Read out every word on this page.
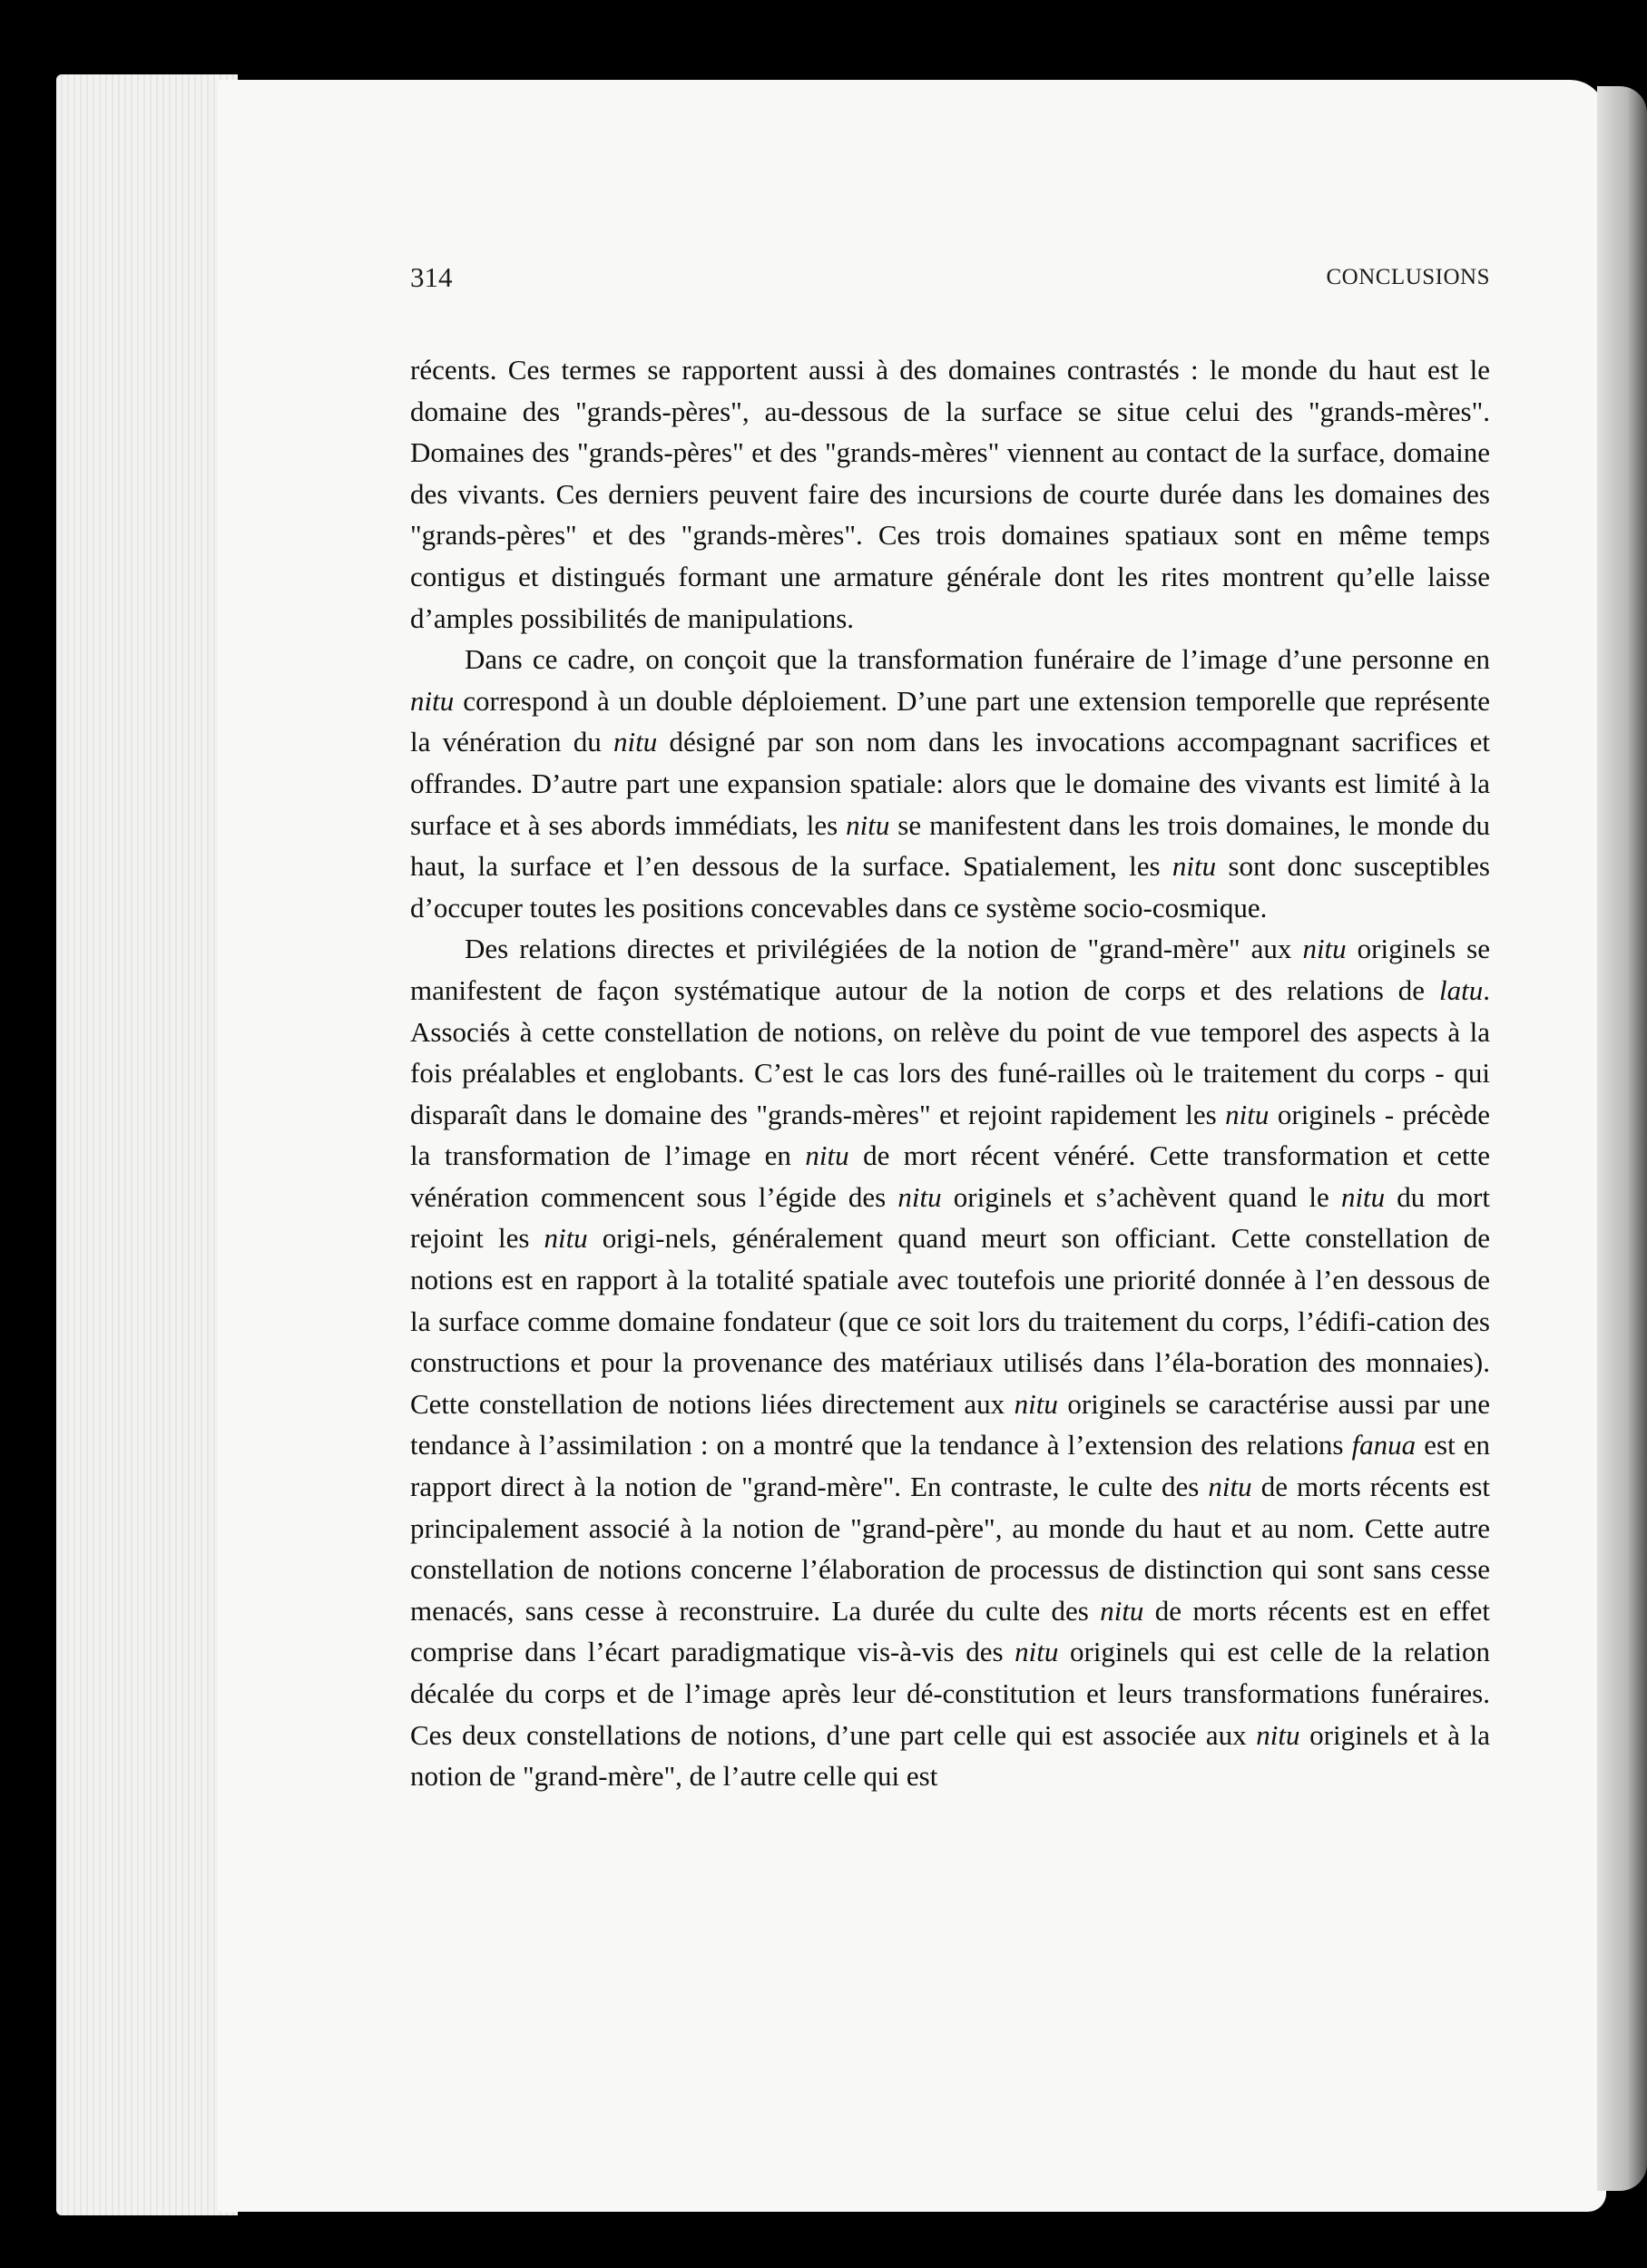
314	CONCLUSIONS

récents. Ces termes se rapportent aussi à des domaines contrastés : le monde du haut est le domaine des "grands-pères", au-dessous de la surface se situe celui des "grands-mères". Domaines des "grands-pères" et des "grands-mères" viennent au contact de la surface, domaine des vivants. Ces derniers peuvent faire des incursions de courte durée dans les domaines des "grands-pères" et des "grands-mères". Ces trois domaines spatiaux sont en même temps contigus et distingués formant une armature générale dont les rites montrent qu’elle laisse d’amples possibilités de manipulations.

Dans ce cadre, on conçoit que la transformation funéraire de l’image d’une personne en nitu correspond à un double déploiement. D’une part une extension temporelle que représente la vénération du nitu désigné par son nom dans les invocations accompagnant sacrifices et offrandes. D’autre part une expansion spatiale: alors que le domaine des vivants est limité à la surface et à ses abords immédiats, les nitu se manifestent dans les trois domaines, le monde du haut, la surface et l’en dessous de la surface. Spatialement, les nitu sont donc susceptibles d’occuper toutes les positions concevables dans ce système socio-cosmique.

Des relations directes et privilégiées de la notion de "grand-mère" aux nitu originels se manifestent de façon systématique autour de la notion de corps et des relations de latu. Associés à cette constellation de notions, on relève du point de vue temporel des aspects à la fois préalables et englobants. C’est le cas lors des funé-railles où le traitement du corps - qui disparaît dans le domaine des "grands-mères" et rejoint rapidement les nitu originels - précède la transformation de l’image en nitu de mort récent vénéré. Cette transformation et cette vénération commencent sous l’égide des nitu originels et s’achèvent quand le nitu du mort rejoint les nitu origi-nels, généralement quand meurt son officiant. Cette constellation de notions est en rapport à la totalité spatiale avec toutefois une priorité donnée à l’en dessous de la surface comme domaine fondateur (que ce soit lors du traitement du corps, l’édifi-cation des constructions et pour la provenance des matériaux utilisés dans l’éla-boration des monnaies). Cette constellation de notions liées directement aux nitu originels se caractérise aussi par une tendance à l’assimilation : on a montré que la tendance à l’extension des relations fanua est en rapport direct à la notion de "grand-mère". En contraste, le culte des nitu de morts récents est principalement associé à la notion de "grand-père", au monde du haut et au nom. Cette autre constellation de notions concerne l’élaboration de processus de distinction qui sont sans cesse menacés, sans cesse à reconstruire. La durée du culte des nitu de morts récents est en effet comprise dans l’écart paradigmatique vis-à-vis des nitu originels qui est celle de la relation décalée du corps et de l’image après leur dé-constitution et leurs transformations funéraires. Ces deux constellations de notions, d’une part celle qui est associée aux nitu originels et à la notion de "grand-mère", de l’autre celle qui est
